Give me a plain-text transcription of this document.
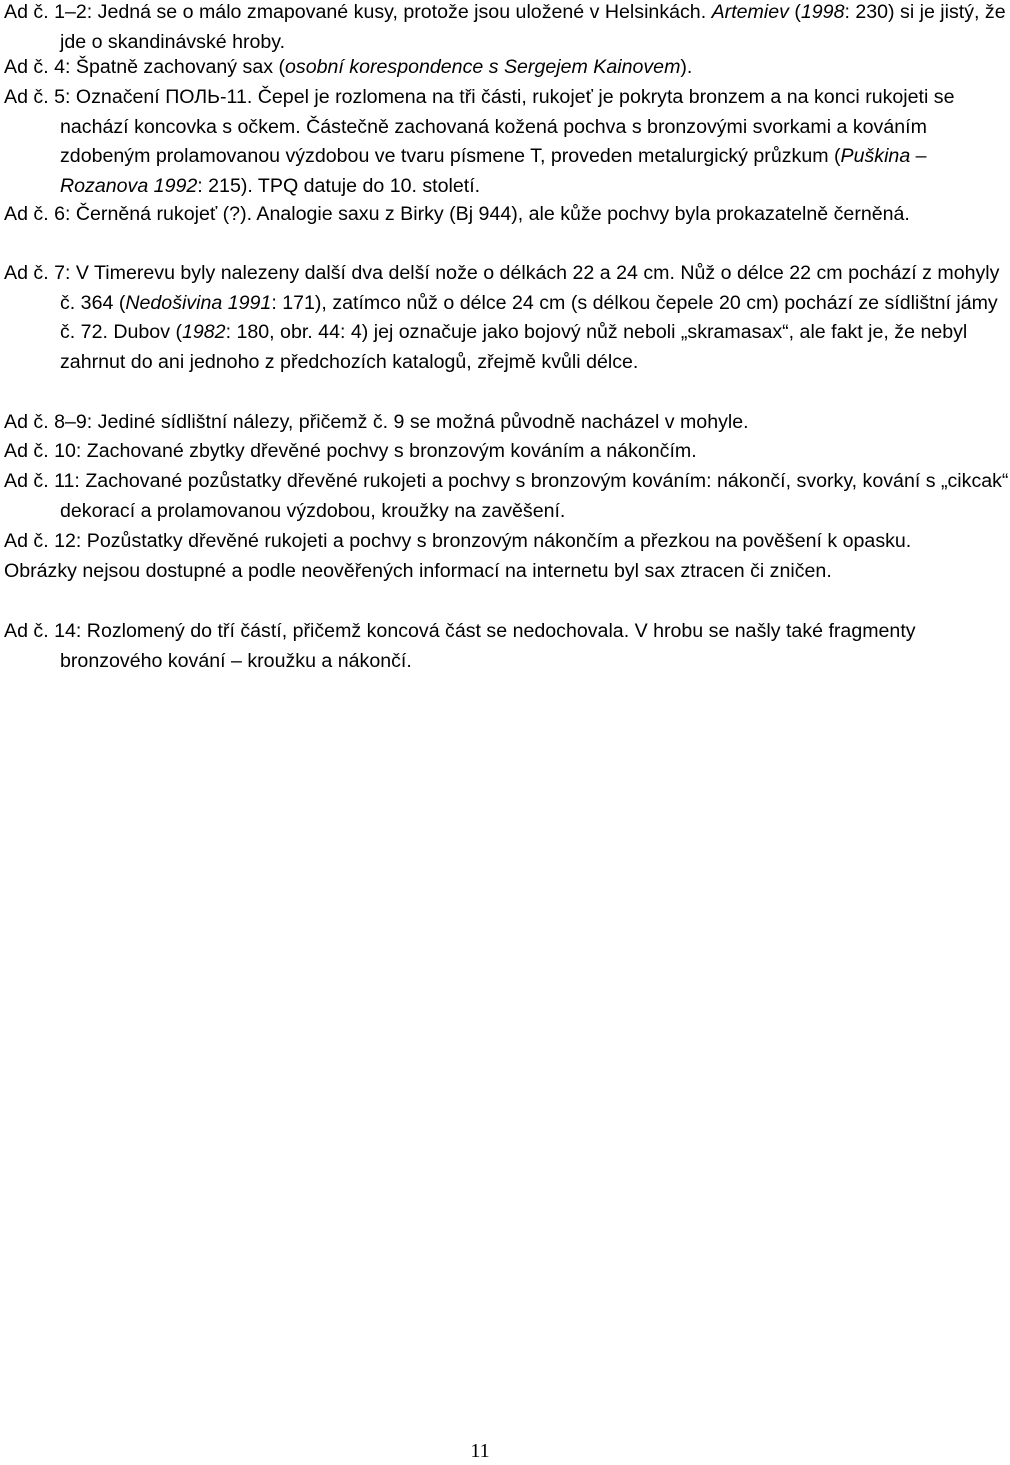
Ad č. 1–2: Jedná se o málo zmapované kusy, protože jsou uložené v Helsinkách. Artemiev (1998: 230) si je jistý, že jde o skandinávské hroby.

Ad č. 4: Špatně zachovaný sax (osobní korespondence s Sergejem Kainovem).

Ad č. 5: Označení ПОЛЬ-11. Čepel je rozlomena na tři části, rukojeť je pokryta bronzem a na konci rukojeti se nachází koncovka s očkem. Částečně zachovaná kožená pochva s bronzovými svorkami a kováním zdobeným prolamovanou výzdobou ve tvaru písmene T, proveden metalurgický průzkum (Puškina – Rozanova 1992: 215). TPQ datuje do 10. století.

Ad č. 6: Černěná rukojeť (?). Analogie saxu z Birky (Bj 944), ale kůže pochvy byla prokazatelně černěná.

Ad č. 7: V Timerevu byly nalezeny další dva delší nože o délkách 22 a 24 cm. Nůž o délce 22 cm pochází z mohyly č. 364 (Nedošivina 1991: 171), zatímco nůž o délce 24 cm (s délkou čepele 20 cm) pochází ze sídlištní jámy č. 72. Dubov (1982: 180, obr. 44: 4) jej označuje jako bojový nůž neboli „skramasax“, ale fakt je, že nebyl zahrnut do ani jednoho z předchozích katalogů, zřejmě kvůli délce.

Ad č. 8–9: Jediné sídlištní nálezy, přičemž č. 9 se možná původně nacházel v mohyle.

Ad č. 10: Zachované zbytky dřevěné pochvy s bronzovým kováním a nákončím.

Ad č. 11: Zachované pozůstatky dřevěné rukojeti a pochvy s bronzovým kováním: nákončí, svorky, kování s „cikcak“ dekorací a prolamovanou výzdobou, kroužky na zavěšení.

Ad č. 12: Pozůstatky dřevěné rukojeti a pochvy s bronzovým nákončím a přezkou na pověšení k opasku. Obrázky nejsou dostupné a podle neověřených informací na internetu byl sax ztracen či zničen.

Ad č. 14: Rozlomený do tří částí, přičemž koncová část se nedochovala. V hrobu se našly také fragmenty bronzového kování – kroužku a nákončí.

11
